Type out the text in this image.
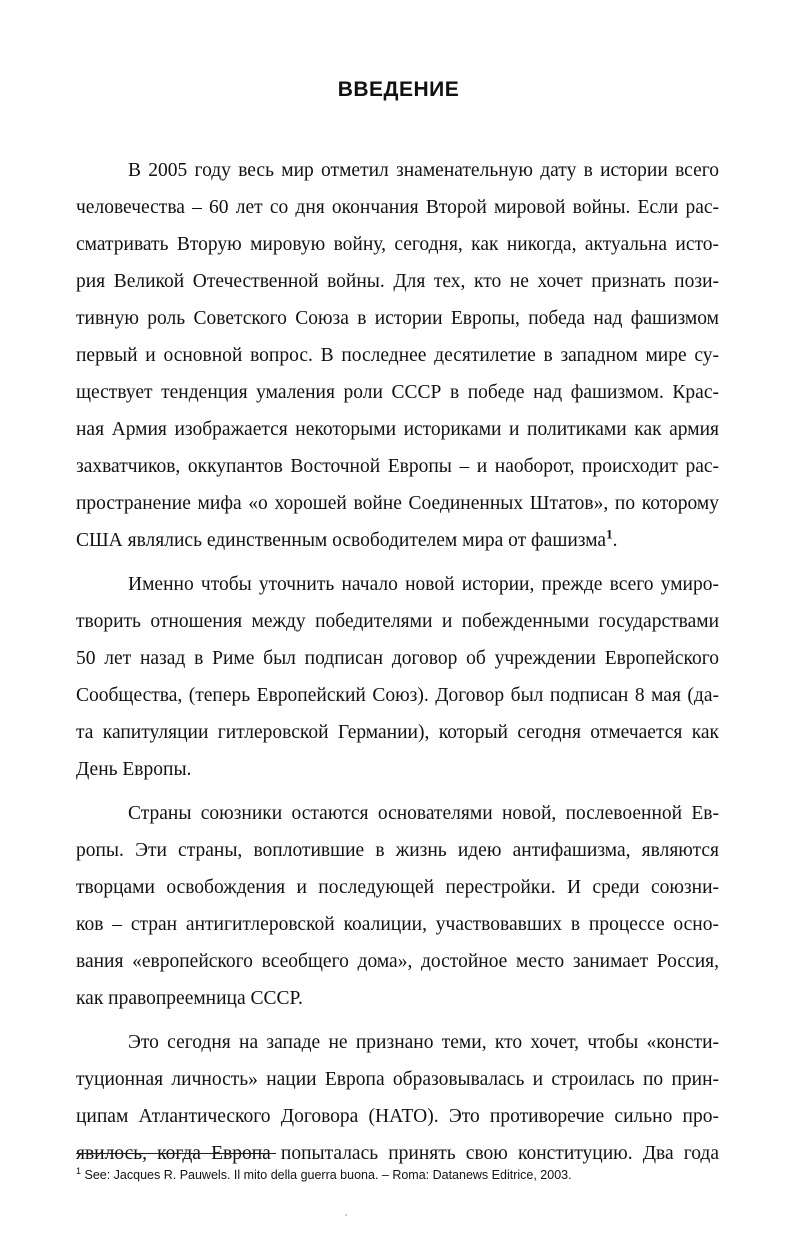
ВВЕДЕНИЕ
В 2005 году весь мир отметил знаменательную дату в истории всего
человечества – 60 лет со дня окончания Второй мировой войны. Если рас-
сматривать Вторую мировую войну, сегодня, как никогда, актуальна исто-
рия Великой Отечественной войны. Для тех, кто не хочет признать пози-
тивную роль Советского Союза в истории Европы, победа над фашизмом
первый и основной вопрос. В последнее десятилетие в западном мире су-
ществует тенденция умаления роли СССР в победе над фашизмом. Крас-
ная Армия изображается некоторыми историками и политиками как армия
захватчиков, оккупантов Восточной Европы – и наоборот, происходит рас-
пространение мифа «о хорошей войне Соединенных Штатов», по которому
США являлись единственным освободителем мира от фашизма$^1$.
Именно чтобы уточнить начало новой истории, прежде всего умиро-
творить отношения между победителями и побежденными государствами
50 лет назад в Риме был подписан договор об учреждении Европейского
Сообщества, (теперь Европейский Союз). Договор был подписан 8 мая (да-
та капитуляции гитлеровской Германии), который сегодня отмечается как
День Европы.
Страны союзники остаются основателями новой, послевоенной Ев-
ропы. Эти страны, воплотившие в жизнь идею антифашизма, являются
творцами освобождения и последующей перестройки. И среди союзни-
ков – стран антигитлеровской коалиции, участвовавших в процессе осно-
вания «европейского всеобщего дома», достойное место занимает Россия,
как правопреемница СССР.
Это сегодня на западе не признано теми, кто хочет, чтобы «консти-
туционная личность» нации Европа образовывалась и строилась по прин-
ципам Атлантического Договора (НАТО). Это противоречие сильно про-
явилось, когда Европа попыталась принять свою конституцию. Два года
$^1$ See: Jacques R. Pauwels. Il mito della guerra buona. – Roma: Datanews Editrice, 2003.
